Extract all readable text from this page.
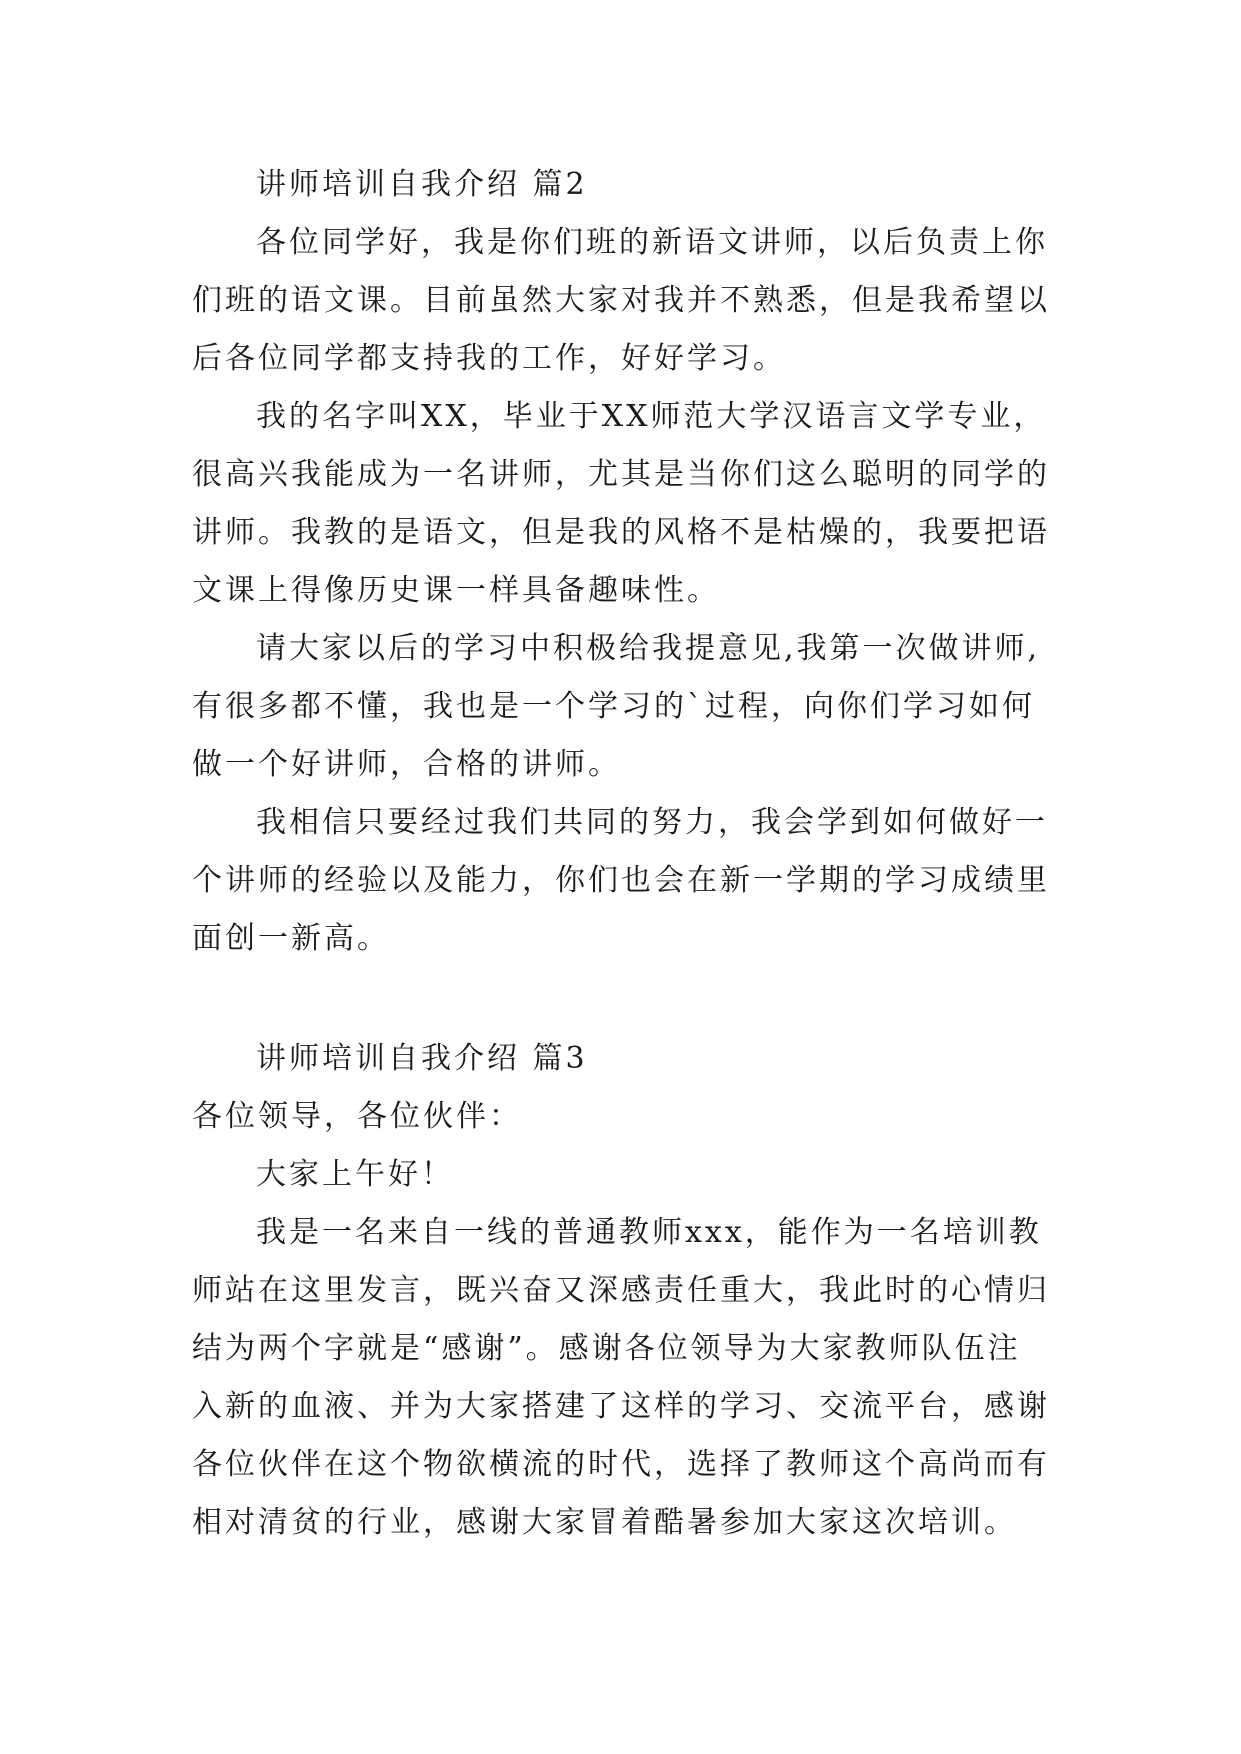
讲师培训自我介绍 篇2

各位同学好，我是你们班的新语文讲师，以后负责上你

们班的语文课。目前虽然大家对我并不熟悉，但是我希望以

后各位同学都支持我的工作，好好学习。

我的名字叫XX，毕业于XX师范大学汉语言文学专业，

很高兴我能成为一名讲师，尤其是当你们这么聪明的同学的

讲师。我教的是语文，但是我的风格不是枯燥的，我要把语

文课上得像历史课一样具备趣味性。

请大家以后的学习中积极给我提意见,我第一次做讲师,

有很多都不懂，我也是一个学习的`过程，向你们学习如何

做一个好讲师，合格的讲师。

我相信只要经过我们共同的努力，我会学到如何做好一

个讲师的经验以及能力，你们也会在新一学期的学习成绩里

面创一新高。

讲师培训自我介绍 篇3

各位领导，各位伙伴：

大家上午好！

我是一名来自一线的普通教师xxx，能作为一名培训教

师站在这里发言，既兴奋又深感责任重大，我此时的心情归

结为两个字就是“感谢”。感谢各位领导为大家教师队伍注

入新的血液、并为大家搭建了这样的学习、交流平台，感谢

各位伙伴在这个物欲横流的时代，选择了教师这个高尚而有

相对清贫的行业，感谢大家冒着酷暑参加大家这次培训。
